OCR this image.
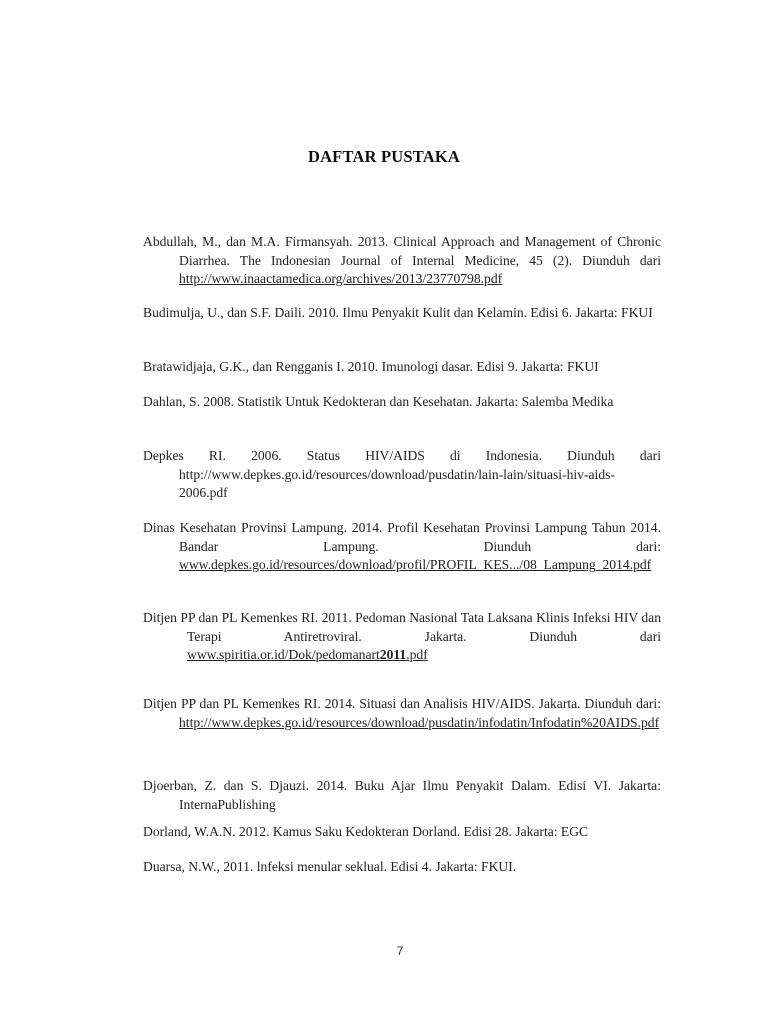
DAFTAR PUSTAKA
Abdullah, M., dan M.A. Firmansyah. 2013. Clinical Approach and Management of Chronic Diarrhea. The Indonesian Journal of Internal Medicine, 45 (2). Diunduh dari http://www.inaactamedica.org/archives/2013/23770798.pdf
Budimulja, U., dan S.F. Daili. 2010. Ilmu Penyakit Kulit dan Kelamin. Edisi 6. Jakarta: FKUI
Bratawidjaja, G.K., dan Rengganis I. 2010. Imunologi dasar. Edisi 9. Jakarta: FKUI
Dahlan, S. 2008. Statistik Untuk Kedokteran dan Kesehatan. Jakarta: Salemba Medika
Depkes RI. 2006. Status HIV/AIDS di Indonesia. Diunduh dari http://www.depkes.go.id/resources/download/pusdatin/lain-lain/situasi-hiv-aids-2006.pdf
Dinas Kesehatan Provinsi Lampung. 2014. Profil Kesehatan Provinsi Lampung Tahun 2014. Bandar Lampung. Diunduh dari: www.depkes.go.id/resources/download/profil/PROFIL_KES.../08_Lampung_2014.pdf
Ditjen PP dan PL Kemenkes RI. 2011. Pedoman Nasional Tata Laksana Klinis Infeksi HIV dan Terapi Antiretroviral. Jakarta. Diunduh dari www.spiritia.or.id/Dok/pedomanart2011.pdf
Ditjen PP dan PL Kemenkes RI. 2014. Situasi dan Analisis HIV/AIDS. Jakarta. Diunduh dari: http://www.depkes.go.id/resources/download/pusdatin/infodatin/Infodatin%20AIDS.pdf
Djoerban, Z. dan S. Djauzi. 2014. Buku Ajar Ilmu Penyakit Dalam. Edisi VI. Jakarta: InternaPublishing
Dorland, W.A.N. 2012. Kamus Saku Kedokteran Dorland. Edisi 28. Jakarta: EGC
Duarsa, N.W., 2011. lnfeksi menular seklual. Edisi 4. Jakarta: FKUI.
7
